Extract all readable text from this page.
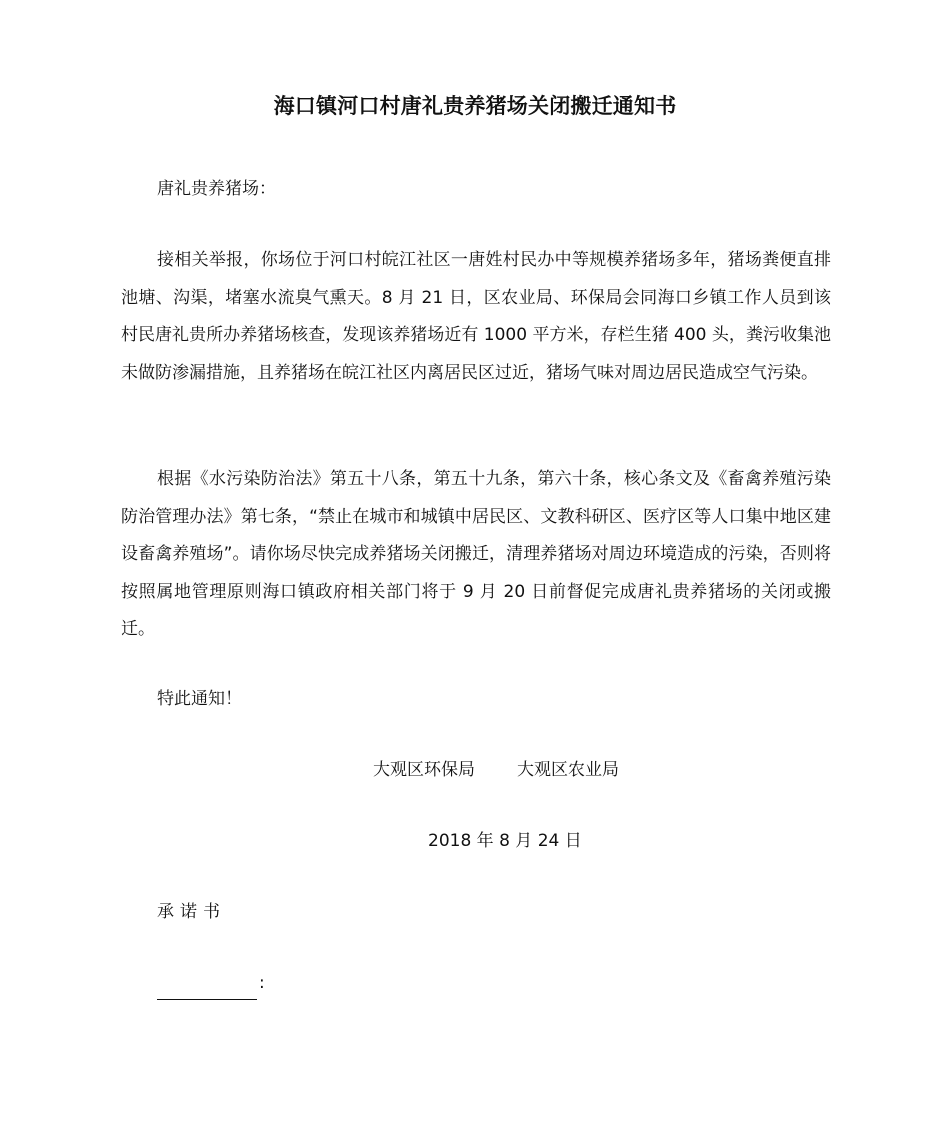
海口镇河口村唐礼贵养猪场关闭搬迁通知书

唐礼贵养猪场：

接相关举报，你场位于河口村皖江社区一唐姓村民办中等规模养猪场多年，猪场粪便直排池塘、沟渠，堵塞水流臭气熏天。8 月 21 日，区农业局、环保局会同海口乡镇工作人员到该村民唐礼贵所办养猪场核查，发现该养猪场近有 1000 平方米，存栏生猪 400 头，粪污收集池未做防渗漏措施，且养猪场在皖江社区内离居民区过近，猪场气味对周边居民造成空气污染。

根据《水污染防治法》第五十八条，第五十九条，第六十条，核心条文及《畜禽养殖污染防治管理办法》第七条，“禁止在城市和城镇中居民区、文教科研区、医疗区等人口集中地区建设畜禽养殖场”。请你场尽快完成养猪场关闭搬迁，清理养猪场对周边环境造成的污染，否则将按照属地管理原则海口镇政府相关部门将于 9 月 20 日前督促完成唐礼贵养猪场的关闭或搬迁。

特此通知！

大观区环保局 大观区农业局

2018 年 8 月 24 日

承诺书

:
